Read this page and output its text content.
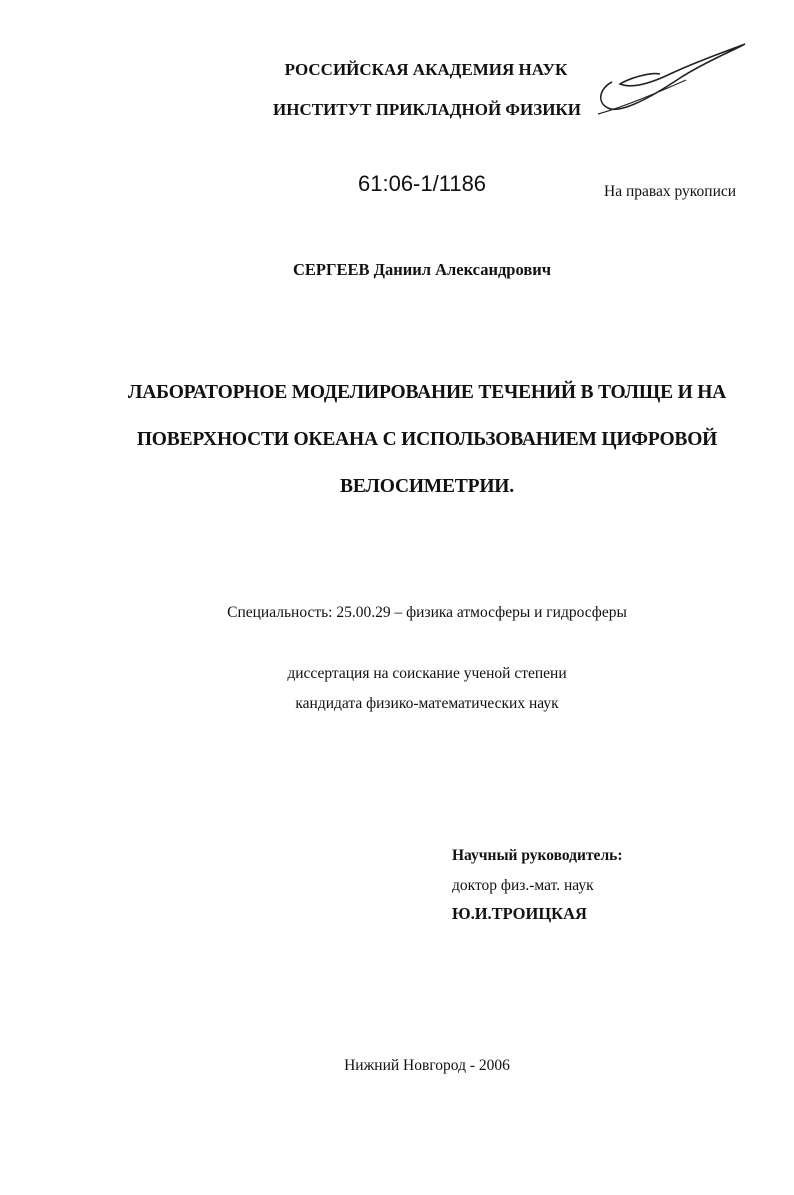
РОССИЙСКАЯ АКАДЕМИЯ НАУК
ИНСТИТУТ ПРИКЛАДНОЙ ФИЗИКИ
61:06-1/1186	На правах рукописи
СЕРГЕЕВ Даниил Александрович
ЛАБОРАТОРНОЕ МОДЕЛИРОВАНИЕ ТЕЧЕНИЙ В ТОЛЩЕ И НА
ПОВЕРХНОСТИ ОКЕАНА С ИСПОЛЬЗОВАНИЕМ ЦИФРОВОЙ
ВЕЛОСИМЕТРИИ.
Специальность: 25.00.29 – физика атмосферы и гидросферы
диссертация на соискание ученой степени
кандидата физико-математических наук
Научный руководитель:
доктор физ.-мат. наук
Ю.И.ТРОИЦКАЯ
Нижний Новгород - 2006
